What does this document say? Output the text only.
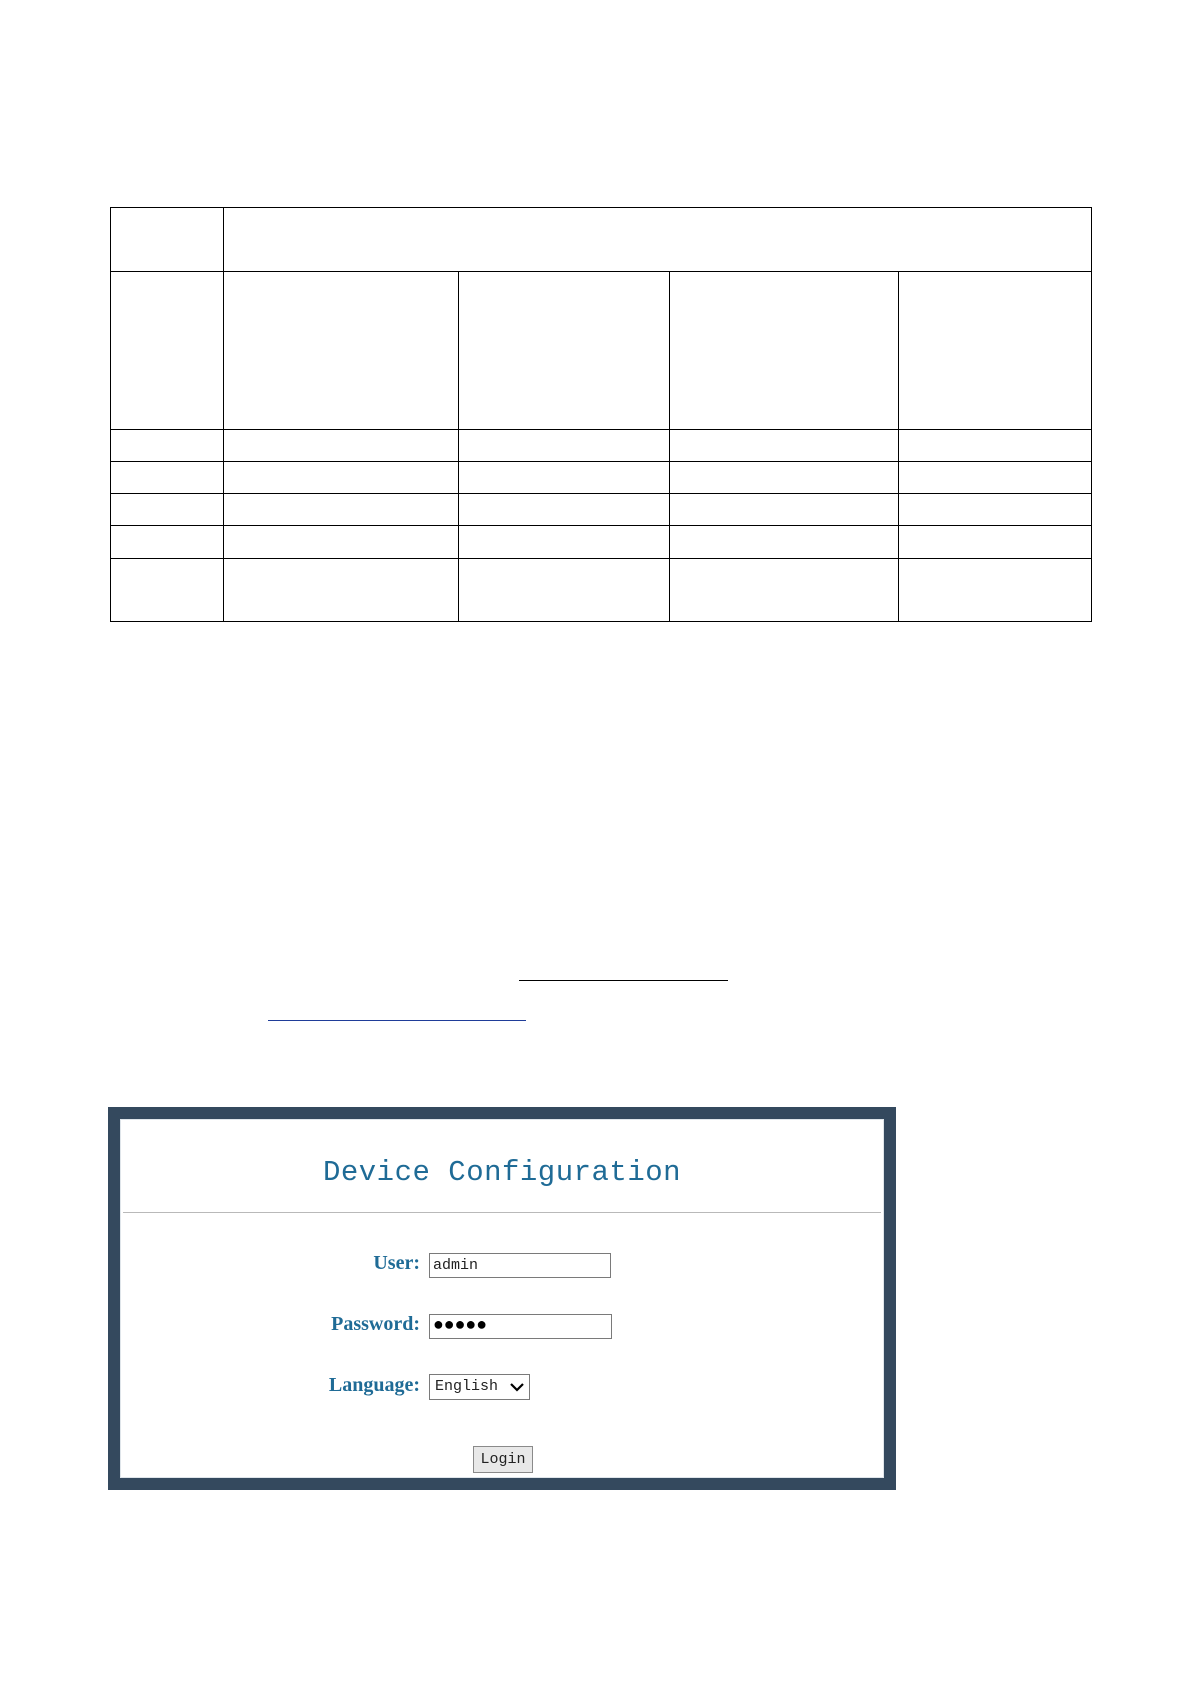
Device Configuration
User: admin
Password: ●●●●●
Language:	English
Login
